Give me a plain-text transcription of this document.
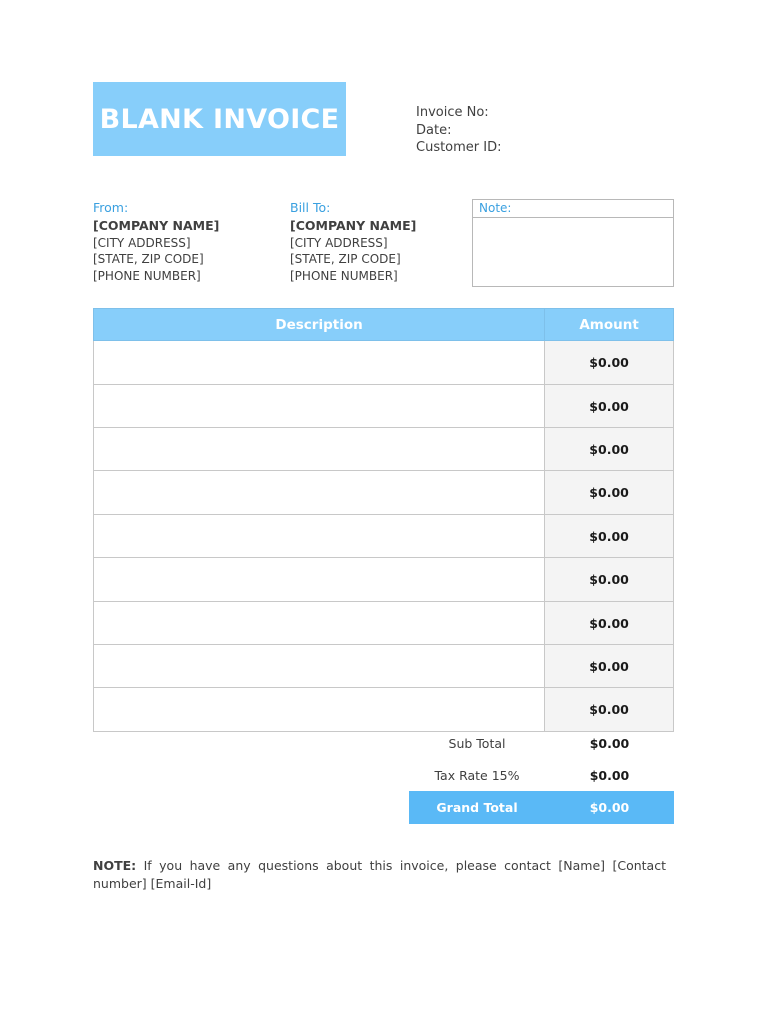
BLANK INVOICE	Invoice No:
Date:
Customer ID:
From:
[COMPANY NAME]
[CITY ADDRESS]
[STATE, ZIP CODE]
[PHONE NUMBER]
Bill To:
[COMPANY NAME]
[CITY ADDRESS]
[STATE, ZIP CODE]
[PHONE NUMBER]
Note:
Description	Amount
	$0.00
	$0.00
	$0.00
	$0.00
	$0.00
	$0.00
	$0.00
	$0.00
	$0.00
Sub Total	$0.00
Tax Rate 15%	$0.00
Grand Total	$0.00
NOTE: If you have any questions about this invoice, please contact [Name] [Contact number] [Email-Id]
